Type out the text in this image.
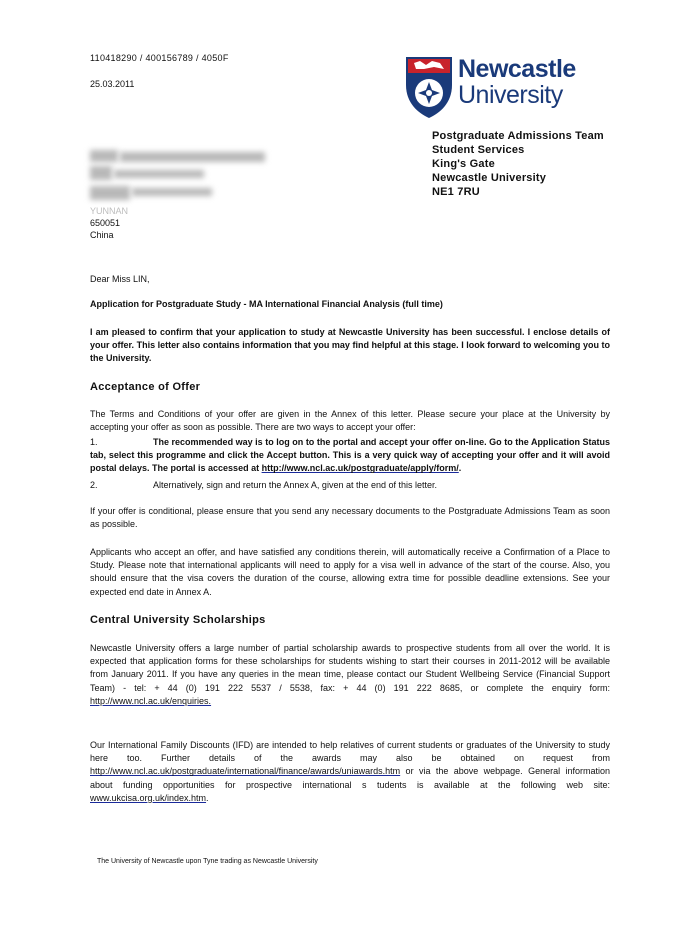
110418290 / 400156789 / 4050F
25.03.2011
Newcastle
University
Postgraduate Admissions Team
Student Services
King's Gate
Newcastle University
NE1 7RU
YUNNAN
650051
China
Dear Miss LIN,
Application for Postgraduate Study - MA International Financial Analysis (full time)
I am pleased to confirm that your application to study at Newcastle University has been successful. I enclose details of your offer. This letter also contains information that you may find helpful at this stage. I look forward to welcoming you to the University.
Acceptance of Offer
The Terms and Conditions of your offer are given in the Annex of this letter. Please secure your place at the University by accepting your offer as soon as possible. There are two ways to accept your offer:
1.	The recommended way is to log on to the portal and accept your offer on-line. Go to the Application Status tab, select this programme and click the Accept button. This is a very quick way of accepting your offer and it will avoid postal delays. The portal is accessed at http://www.ncl.ac.uk/postgraduate/apply/form/.
2.	Alternatively, sign and return the Annex A, given at the end of this letter.
If your offer is conditional, please ensure that you send any necessary documents to the Postgraduate Admissions Team as soon as possible.
Applicants who accept an offer, and have satisfied any conditions therein, will automatically receive a Confirmation of a Place to Study. Please note that international applicants will need to apply for a visa well in advance of the start of the course. Also, you should ensure that the visa covers the duration of the course, allowing extra time for possible deadline extensions. See your expected end date in Annex A.
Central University Scholarships
Newcastle University offers a large number of partial scholarship awards to prospective students from all over the world. It is expected that application forms for these scholarships for students wishing to start their courses in 2011-2012 will be available from January 2011. If you have any queries in the mean time, please contact our Student Wellbeing Service (Financial Support Team) - tel: + 44 (0) 191 222 5537 / 5538, fax: + 44 (0) 191 222 8685, or complete the enquiry form: http://www.ncl.ac.uk/enquiries.
Our International Family Discounts (IFD) are intended to help relatives of current students or graduates of the University to study here too. Further details of the awards may also be obtained on request from http://www.ncl.ac.uk/postgraduate/international/finance/awards/uniawards.htm or via the above webpage. General information about funding opportunities for prospective international s tudents is available at the following web site: www.ukcisa.org.uk/index.htm.
The University of Newcastle upon Tyne trading as Newcastle University
